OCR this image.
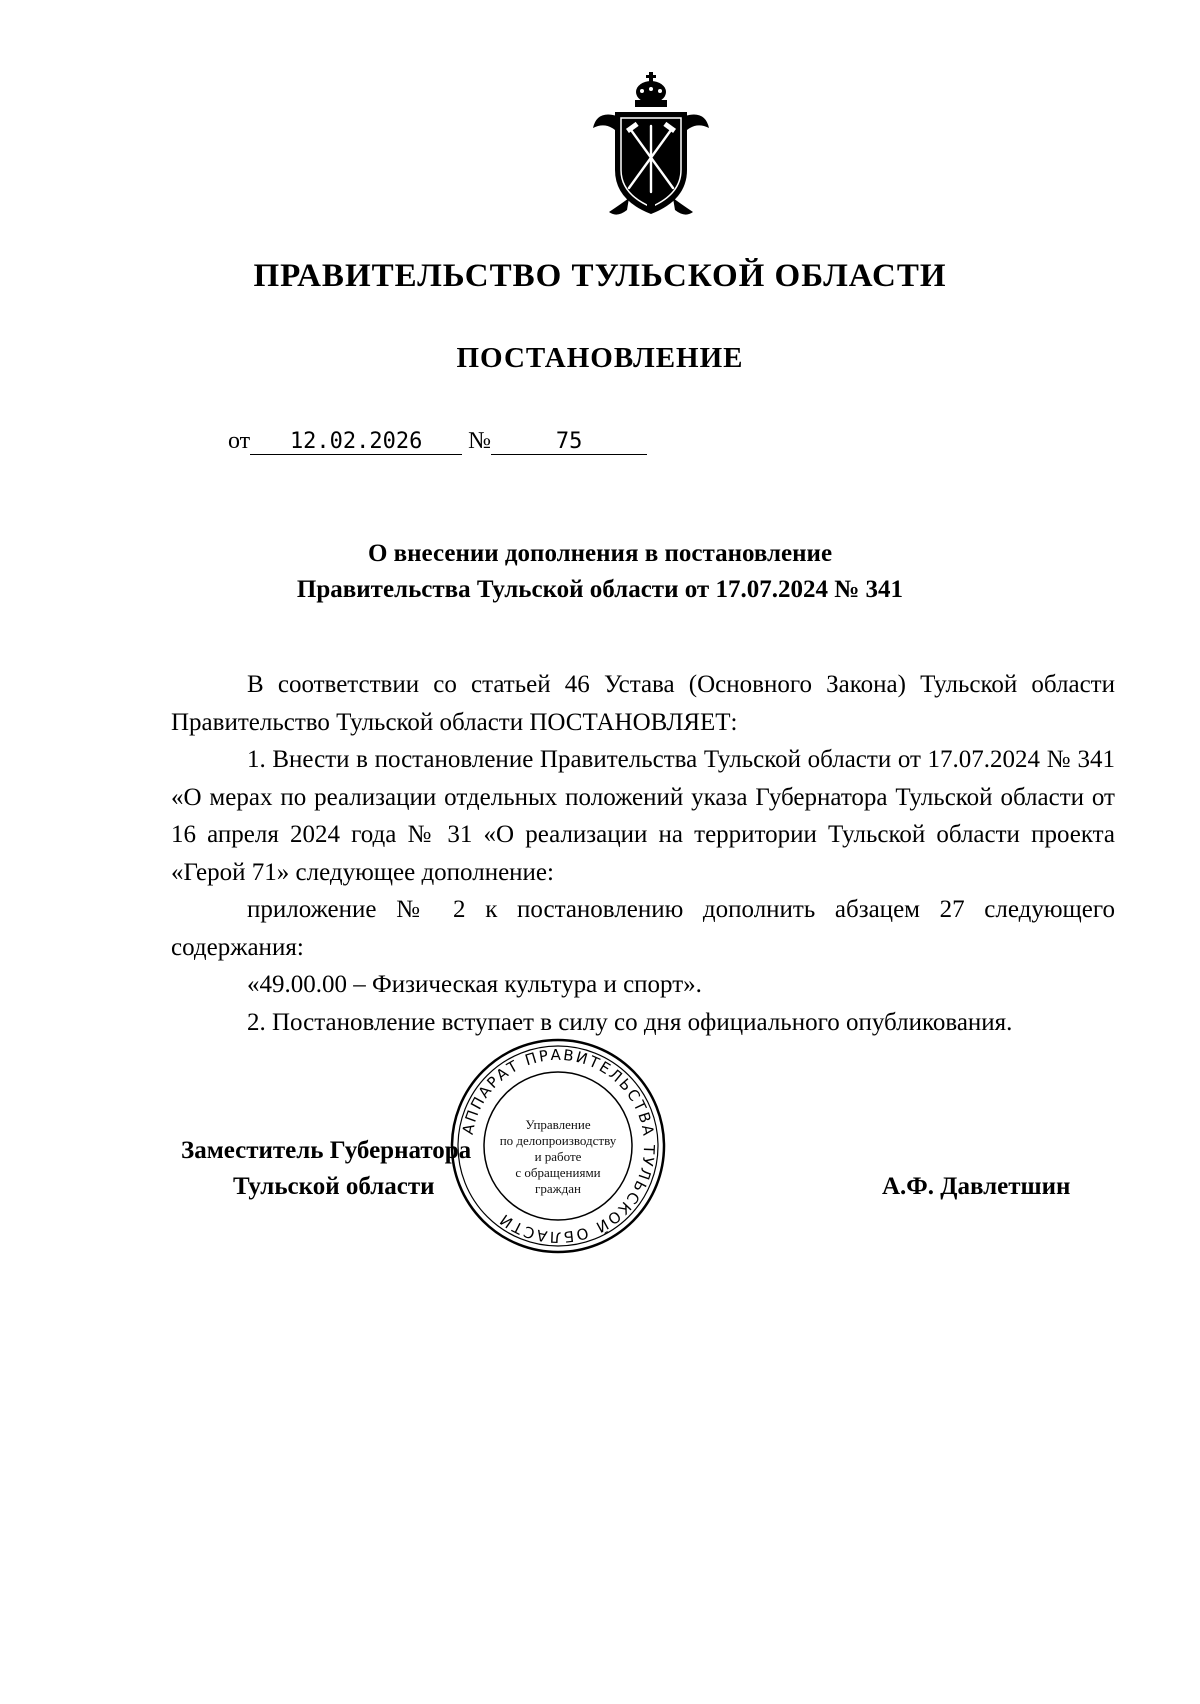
ПРАВИТЕЛЬСТВО ТУЛЬСКОЙ ОБЛАСТИ
ПОСТАНОВЛЕНИЕ
от 12.02.2026 №	75
О внесении дополнения в постановление
Правительства Тульской области от 17.07.2024 № 341

В соответствии со статьей 46 Устава (Основного Закона) Тульской области Правительство Тульской области ПОСТАНОВЛЯЕТ:

1. Внести в постановление Правительства Тульской области от 17.07.2024 № 341 «О мерах по реализации отдельных положений указа Губернатора Тульской области от 16 апреля 2024 года № 31 «О реализации на территории Тульской области проекта «Герой 71» следующее дополнение:

приложение № 2 к постановлению дополнить абзацем 27 следующего содержания:

«49.00.00 – Физическая культура и спорт».

2. Постановление вступает в силу со дня официального опубликования.

Заместитель Губернатора
Тульской области	А.Ф. Давлетшин
АППАРАТ ПРАВИТЕЛЬСТВА ТУЛЬСКОЙ ОБЛАСТИ
Управление
по делопроизводству
и работе
с обращениями
граждан
